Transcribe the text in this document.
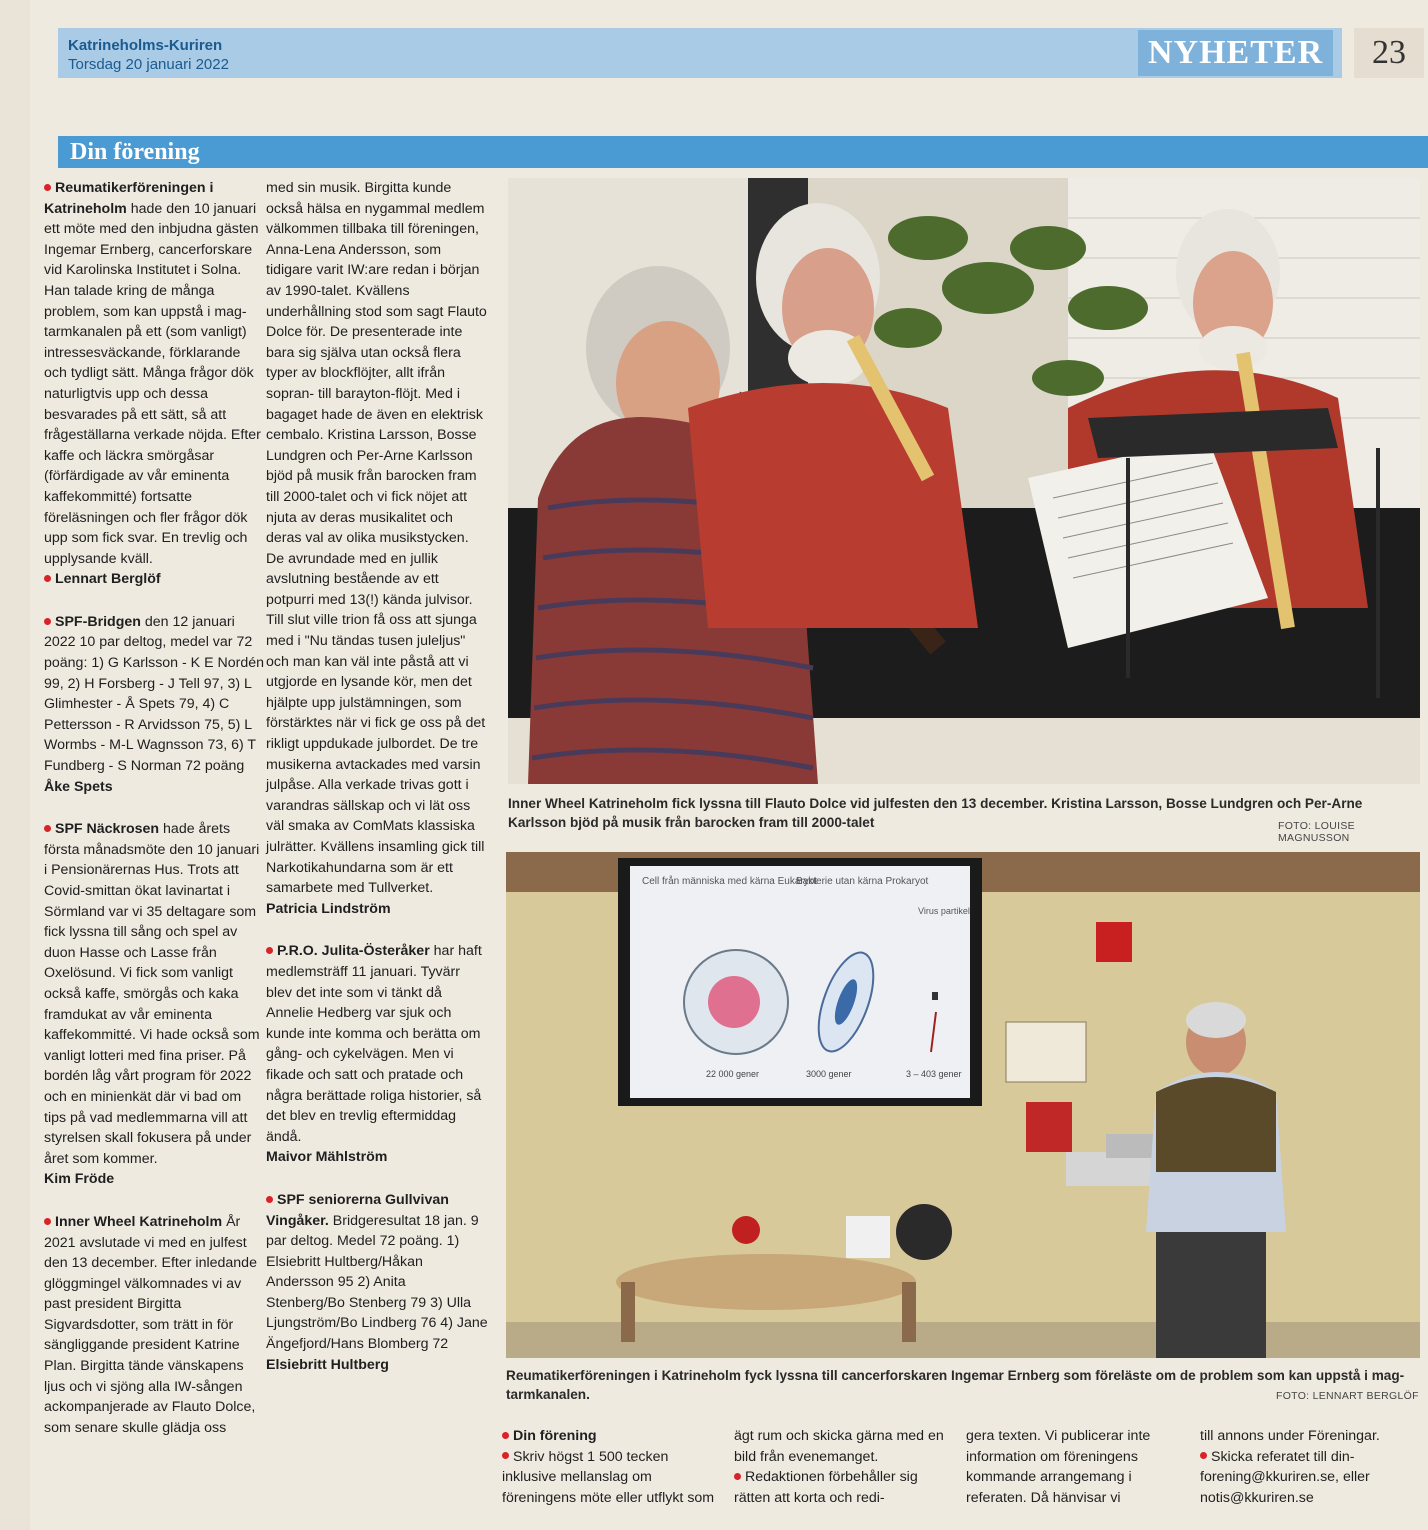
Katrineholms-Kuriren
Torsdag 20 januari 2022	NYHETER	23
Din förening

Reumatikerföreningen i Katrineholm hade den 10 januari ett möte med den inbjudna gästen Ingemar Ernberg, cancerforskare vid Karolinska Institutet i Solna. Han talade kring de många problem, som kan uppstå i mag-tarmkanalen på ett (som vanligt) intressesväckande, förklarande och tydligt sätt. Många frågor dök naturligtvis upp och dessa besvarades på ett sätt, så att frågeställarna verkade nöjda. Efter kaffe och läckra smörgåsar (förfärdigade av vår eminenta kaffekommitté) fortsatte föreläsningen och fler frågor dök upp som fick svar. En trevlig och upplysande kväll.

Lennart Berglöf

SPF-Bridgen den 12 januari 2022 10 par deltog, medel var 72 poäng: 1) G Karlsson - K E Nordén 99, 2) H Forsberg - J Tell 97, 3) L Glimhester - Å Spets 79, 4) C Pettersson - R Arvidsson 75, 5) L Wormbs - M-L Wagnsson 73, 6) T Fundberg - S Norman 72 poäng

Åke Spets

SPF Näckrosen hade årets första månadsmöte den 10 januari i Pensionärernas Hus. Trots att Covid-smittan ökat lavinartat i Sörmland var vi 35 deltagare som fick lyssna till sång och spel av duon Hasse och Lasse från Oxelösund. Vi fick som vanligt också kaffe, smörgås och kaka framdukat av vår eminenta kaffekommitté. Vi hade också som vanligt lotteri med fina priser. På bordén låg vårt program för 2022 och en minienkät där vi bad om tips på vad medlemmarna vill att styrelsen skall fokusera på under året som kommer.

Kim Fröde

Inner Wheel Katrineholm År 2021 avslutade vi med en julfest den 13 december. Efter inledande glöggmingel välkomnades vi av past president Birgitta Sigvardsdotter, som trätt in för sängliggande president Katrine Plan. Birgitta tände vänskapens ljus och vi sjöng alla IW-sången ackompanjerade av Flauto Dolce, som senare skulle glädja oss

med sin musik. Birgitta kunde också hälsa en nygammal medlem välkommen tillbaka till föreningen, Anna-Lena Andersson, som tidigare varit IW:are redan i början av 1990-talet. Kvällens underhållning stod som sagt Flauto Dolce för. De presenterade inte bara sig själva utan också flera typer av blockflöjter, allt ifrån sopran- till barayton-flöjt. Med i bagaget hade de även en elektrisk cembalo. Kristina Larsson, Bosse Lundgren och Per-Arne Karlsson bjöd på musik från barocken fram till 2000-talet och vi fick nöjet att njuta av deras musikalitet och deras val av olika musikstycken. De avrundade med en jullik avslutning bestående av ett potpurri med 13(!) kända julvisor. Till slut ville trion få oss att sjunga med i "Nu tändas tusen juleljus" och man kan väl inte påstå att vi utgjorde en lysande kör, men det hjälpte upp julstämningen, som förstärktes när vi fick ge oss på det rikligt uppdukade julbordet. De tre musikerna avtackades med varsin julpåse. Alla verkade trivas gott i varandras sällskap och vi lät oss väl smaka av ComMats klassiska julrätter. Kvällens insamling gick till Narkotikahundarna som är ett samarbete med Tullverket.

Patricia Lindström

P.R.O. Julita-Österåker har haft medlemsträff 11 januari. Tyvärr blev det inte som vi tänkt då Annelie Hedberg var sjuk och kunde inte komma och berätta om gång- och cykelvägen. Men vi fikade och satt och pratade och några berättade roliga historier, så det blev en trevlig eftermiddag ändå.

Maivor Mählström

SPF seniorerna Gullvivan Vingåker. Bridgeresultat 18 jan. 9 par deltog. Medel 72 poäng. 1) Elsiebritt Hultberg/Håkan Andersson 95 2) Anita Stenberg/Bo Stenberg 79 3) Ulla Ljungström/Bo Lindberg 76 4) Jane Ängefjord/Hans Blomberg 72

Elsiebritt Hultberg

Inner Wheel Katrineholm fick lyssna till Flauto Dolce vid julfesten den 13 december. Kristina Larsson, Bosse Lundgren och Per-Arne Karlsson bjöd på musik från barocken fram till 2000-talet	FOTO: LOUISE MAGNUSSON
Cell från människa med kärna Eukaryot
Bakterie utan kärna Prokaryot
Virus partikel
22 000 gener	3000 gener	3 – 403 gener
Reumatikerföreningen i Katrineholm fyck lyssna till cancerforskaren Ingemar Ernberg som föreläste om de problem som kan uppstå i mag- tarmkanalen.	FOTO: LENNART BERGLÖF

Din förening

Skriv högst 1 500 tecken inklusive mellanslag om föreningens möte eller utflykt som

ägt rum och skicka gärna med en bild från evenemanget.

Redaktionen förbehåller sig rätten att korta och redi-

gera texten. Vi publicerar inte information om föreningens kommande arrangemang i referaten. Då hänvisar vi

till annons under Föreningar.

Skicka referatet till din-forening@kkuriren.se, eller notis@kkuriren.se
